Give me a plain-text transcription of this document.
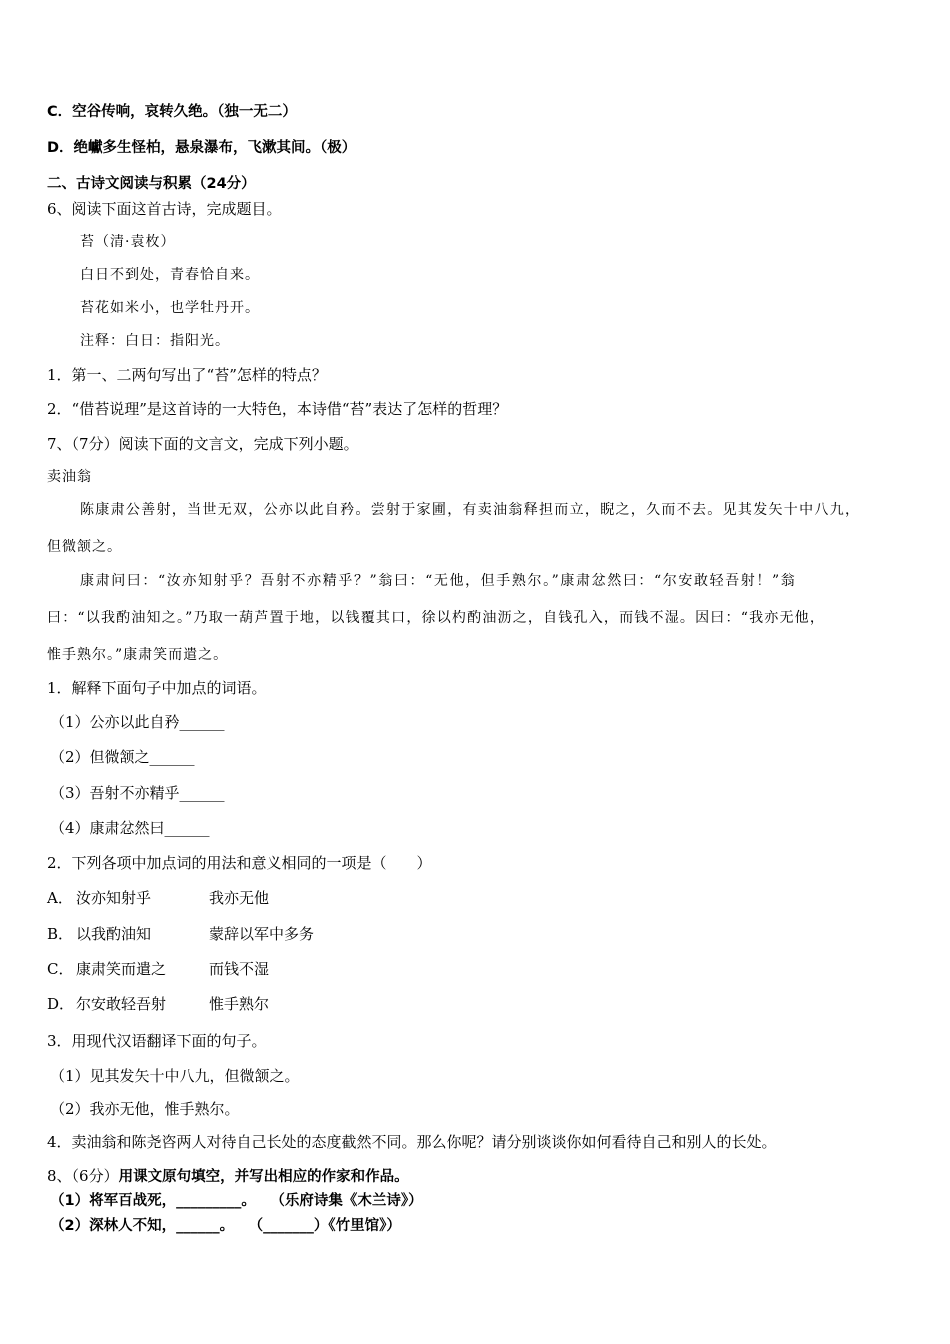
C．空谷传响，哀转久绝。（独一无二）
D．绝巘多生怪柏，悬泉瀑布，飞漱其间。（极）
二、古诗文阅读与积累（24分）
6、阅读下面这首古诗，完成题目。
苔（清·袁枚）
白日不到处，青春恰自来。
苔花如米小，也学牡丹开。
注释：白日：指阳光。
1．第一、二两句写出了“苔”怎样的特点？
2．“借苔说理”是这首诗的一大特色，本诗借“苔”表达了怎样的哲理？
7、（7分）阅读下面的文言文，完成下列小题。
卖油翁
陈康肃公善射，当世无双，公亦以此自矜。尝射于家圃，有卖油翁释担而立，睨之，久而不去。见其发矢十中八九，
但微颔之。
康肃问曰：“汝亦知射乎？吾射不亦精乎？”翁曰：“无他，但手熟尔。”康肃忿然曰：“尔安敢轻吾射！”翁
曰：“以我酌油知之。”乃取一葫芦置于地，以钱覆其口，徐以杓酌油沥之，自钱孔入，而钱不湿。因曰：“我亦无他，
惟手熟尔。”康肃笑而遣之。
1．解释下面句子中加点的词语。
（1）公亦以此自矜______
（2）但微颔之______
（3）吾射不亦精乎______
（4）康肃忿然曰______
2．下列各项中加点词的用法和意义相同的一项是（　　）
A． 汝亦知射乎	我亦无他
B． 以我酌油知	蒙辞以军中多务
C． 康肃笑而遣之	而钱不湿
D． 尔安敢轻吾射	惟手熟尔
3．用现代汉语翻译下面的句子。
（1）见其发矢十中八九，但微颔之。
（2）我亦无他，惟手熟尔。
4．卖油翁和陈尧咨两人对待自己长处的态度截然不同。那么你呢？请分别谈谈你如何看待自己和别人的长处。
8、（6分）用课文原句填空，并写出相应的作家和作品。
（1）将军百战死，_________。　　（乐府诗集《木兰诗》）
（2）深林人不知，______。　　（_______）《竹里馆》）
